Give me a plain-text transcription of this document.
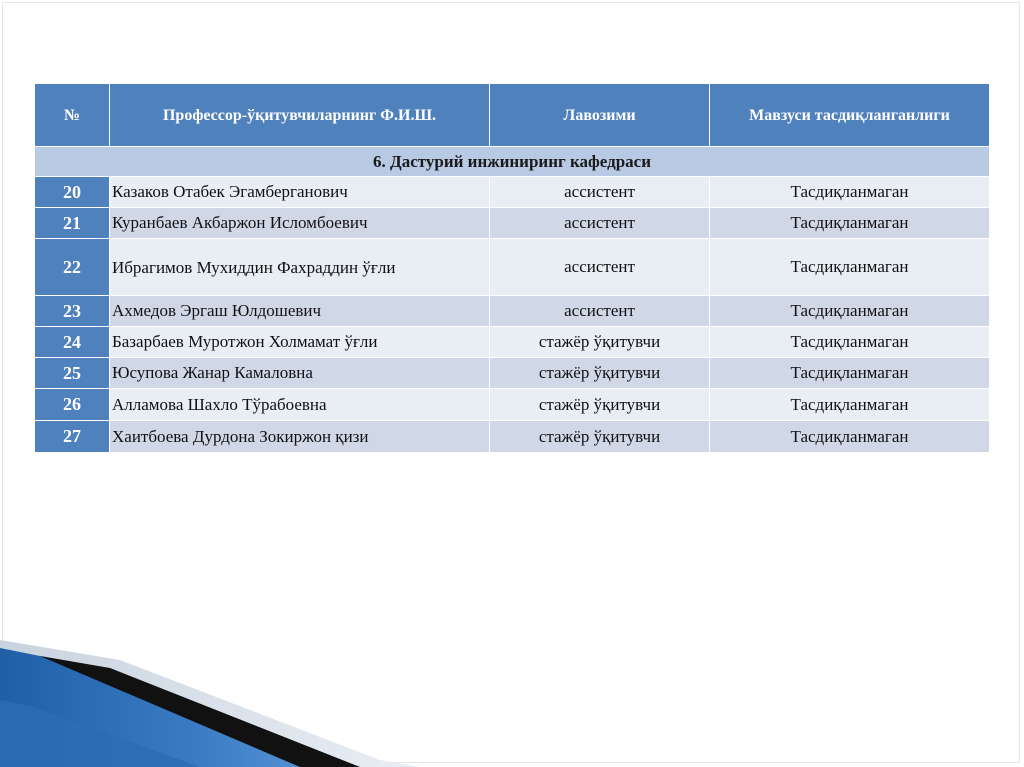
№	Профессор-ўқитувчиларнинг Ф.И.Ш.	Лавозими	Мавзуси тасдиқланганлиги
6. Дастурий инжиниринг кафедраси			
20	Казаков Отабек Эгамберганович	ассистент	Тасдиқланмаган
21	Куранбаев Акбаржон Исломбоевич	ассистент	Тасдиқланмаган
22	Ибрагимов Мухиддин Фахраддин ўғли	ассистент	Тасдиқланмаган
23	Ахмедов Эргаш Юлдошевич	ассистент	Тасдиқланмаган
24	Базарбаев Муротжон Холмамат ўғли	стажёр ўқитувчи	Тасдиқланмаган
25	Юсупова Жанар Камаловна	стажёр ўқитувчи	Тасдиқланмаган
26	Алламова Шахло Тўрабоевна	стажёр ўқитувчи	Тасдиқланмаган
27	Хаитбоева Дурдона Зокиржон қизи	стажёр ўқитувчи	Тасдиқланмаган
